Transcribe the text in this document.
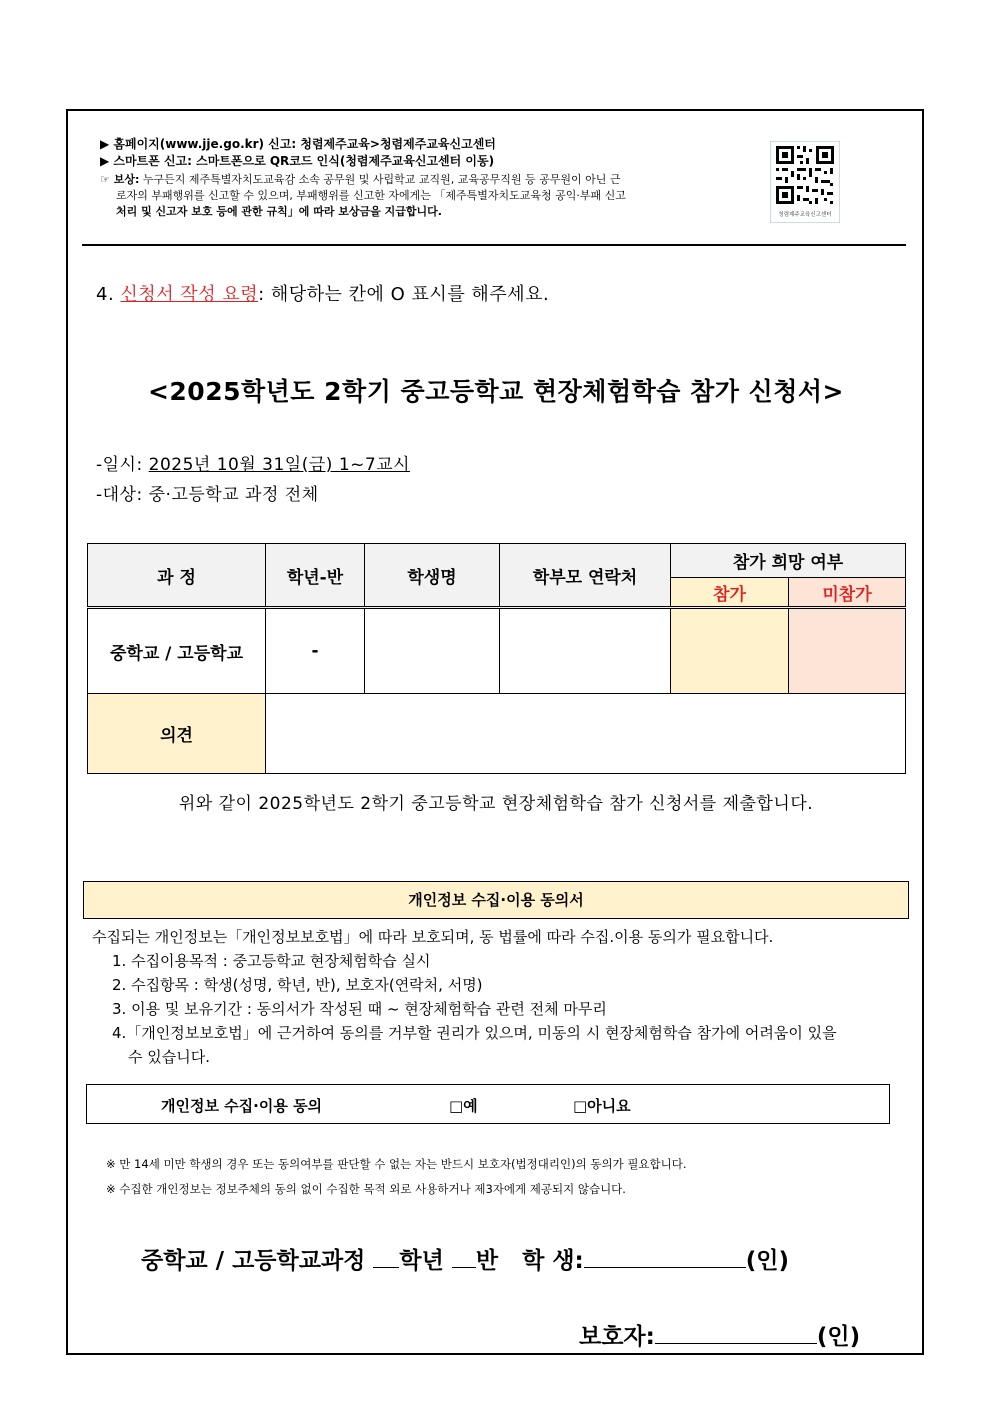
▶ 홈페이지(www.jje.go.kr) 신고: 청렴제주교육>청렴제주교육신고센터
▶ 스마트폰 신고: 스마트폰으로 QR코드 인식(청렴제주교육신고센터 이동)
☞ 보상: 누구든지 제주특별자치도교육감 소속 공무원 및 사립학교 교직원, 교육공무직원 등 공무원이 아닌 근
로자의 부패행위를 신고할 수 있으며, 부패행위를 신고한 자에게는 「제주특별자치도교육청 공익·부패 신고
처리 및 신고자 보호 등에 관한 규칙」에 따라 보상금을 지급합니다.	청렴제주교육신고센터
4. 신청서 작성 요령: 해당하는 칸에 O 표시를 해주세요.
<2025학년도 2학기 중고등학교 현장체험학습 참가 신청서>
-일시: 2025년 10월 31일(금) 1~7교시
-대상: 중·고등학교 과정 전체
과 정	학년-반	학생명	학부모 연락처	참가 희망 여부	
				참가	미참가
중학교 / 고등학교	-				
의견					
위와 같이 2025학년도 2학기 중고등학교 현장체험학습 참가 신청서를 제출합니다.
개인정보 수집·이용 동의서
수집되는 개인정보는「개인정보보호법」에 따라 보호되며, 동 법률에 따라 수집.이용 동의가 필요합니다.
1. 수집이용목적 : 중고등학교 현장체험학습 실시
2. 수집항목 : 학생(성명, 학년, 반), 보호자(연락처, 서명)
3. 이용 및 보유기간 : 동의서가 작성된 때 ~ 현장체험학습 관련 전체 마무리
4.「개인정보보호법」에 근거하여 동의를 거부할 권리가 있으며, 미동의 시 현장체험학습 참가에 어려움이 있을
수 있습니다.
개인정보 수집·이용 동의	□예	□아니요
※ 만 14세 미만 학생의 경우 또는 동의여부를 판단할 수 없는 자는 반드시 보호자(법정대리인)의 동의가 필요합니다.
※ 수집한 개인정보는 정보주체의 동의 없이 수집한 목적 외로 사용하거나 제3자에게 제공되지 않습니다.
중학교 / 고등학교과정 학년 반 학 생:	(인)
보호자:	(인)
